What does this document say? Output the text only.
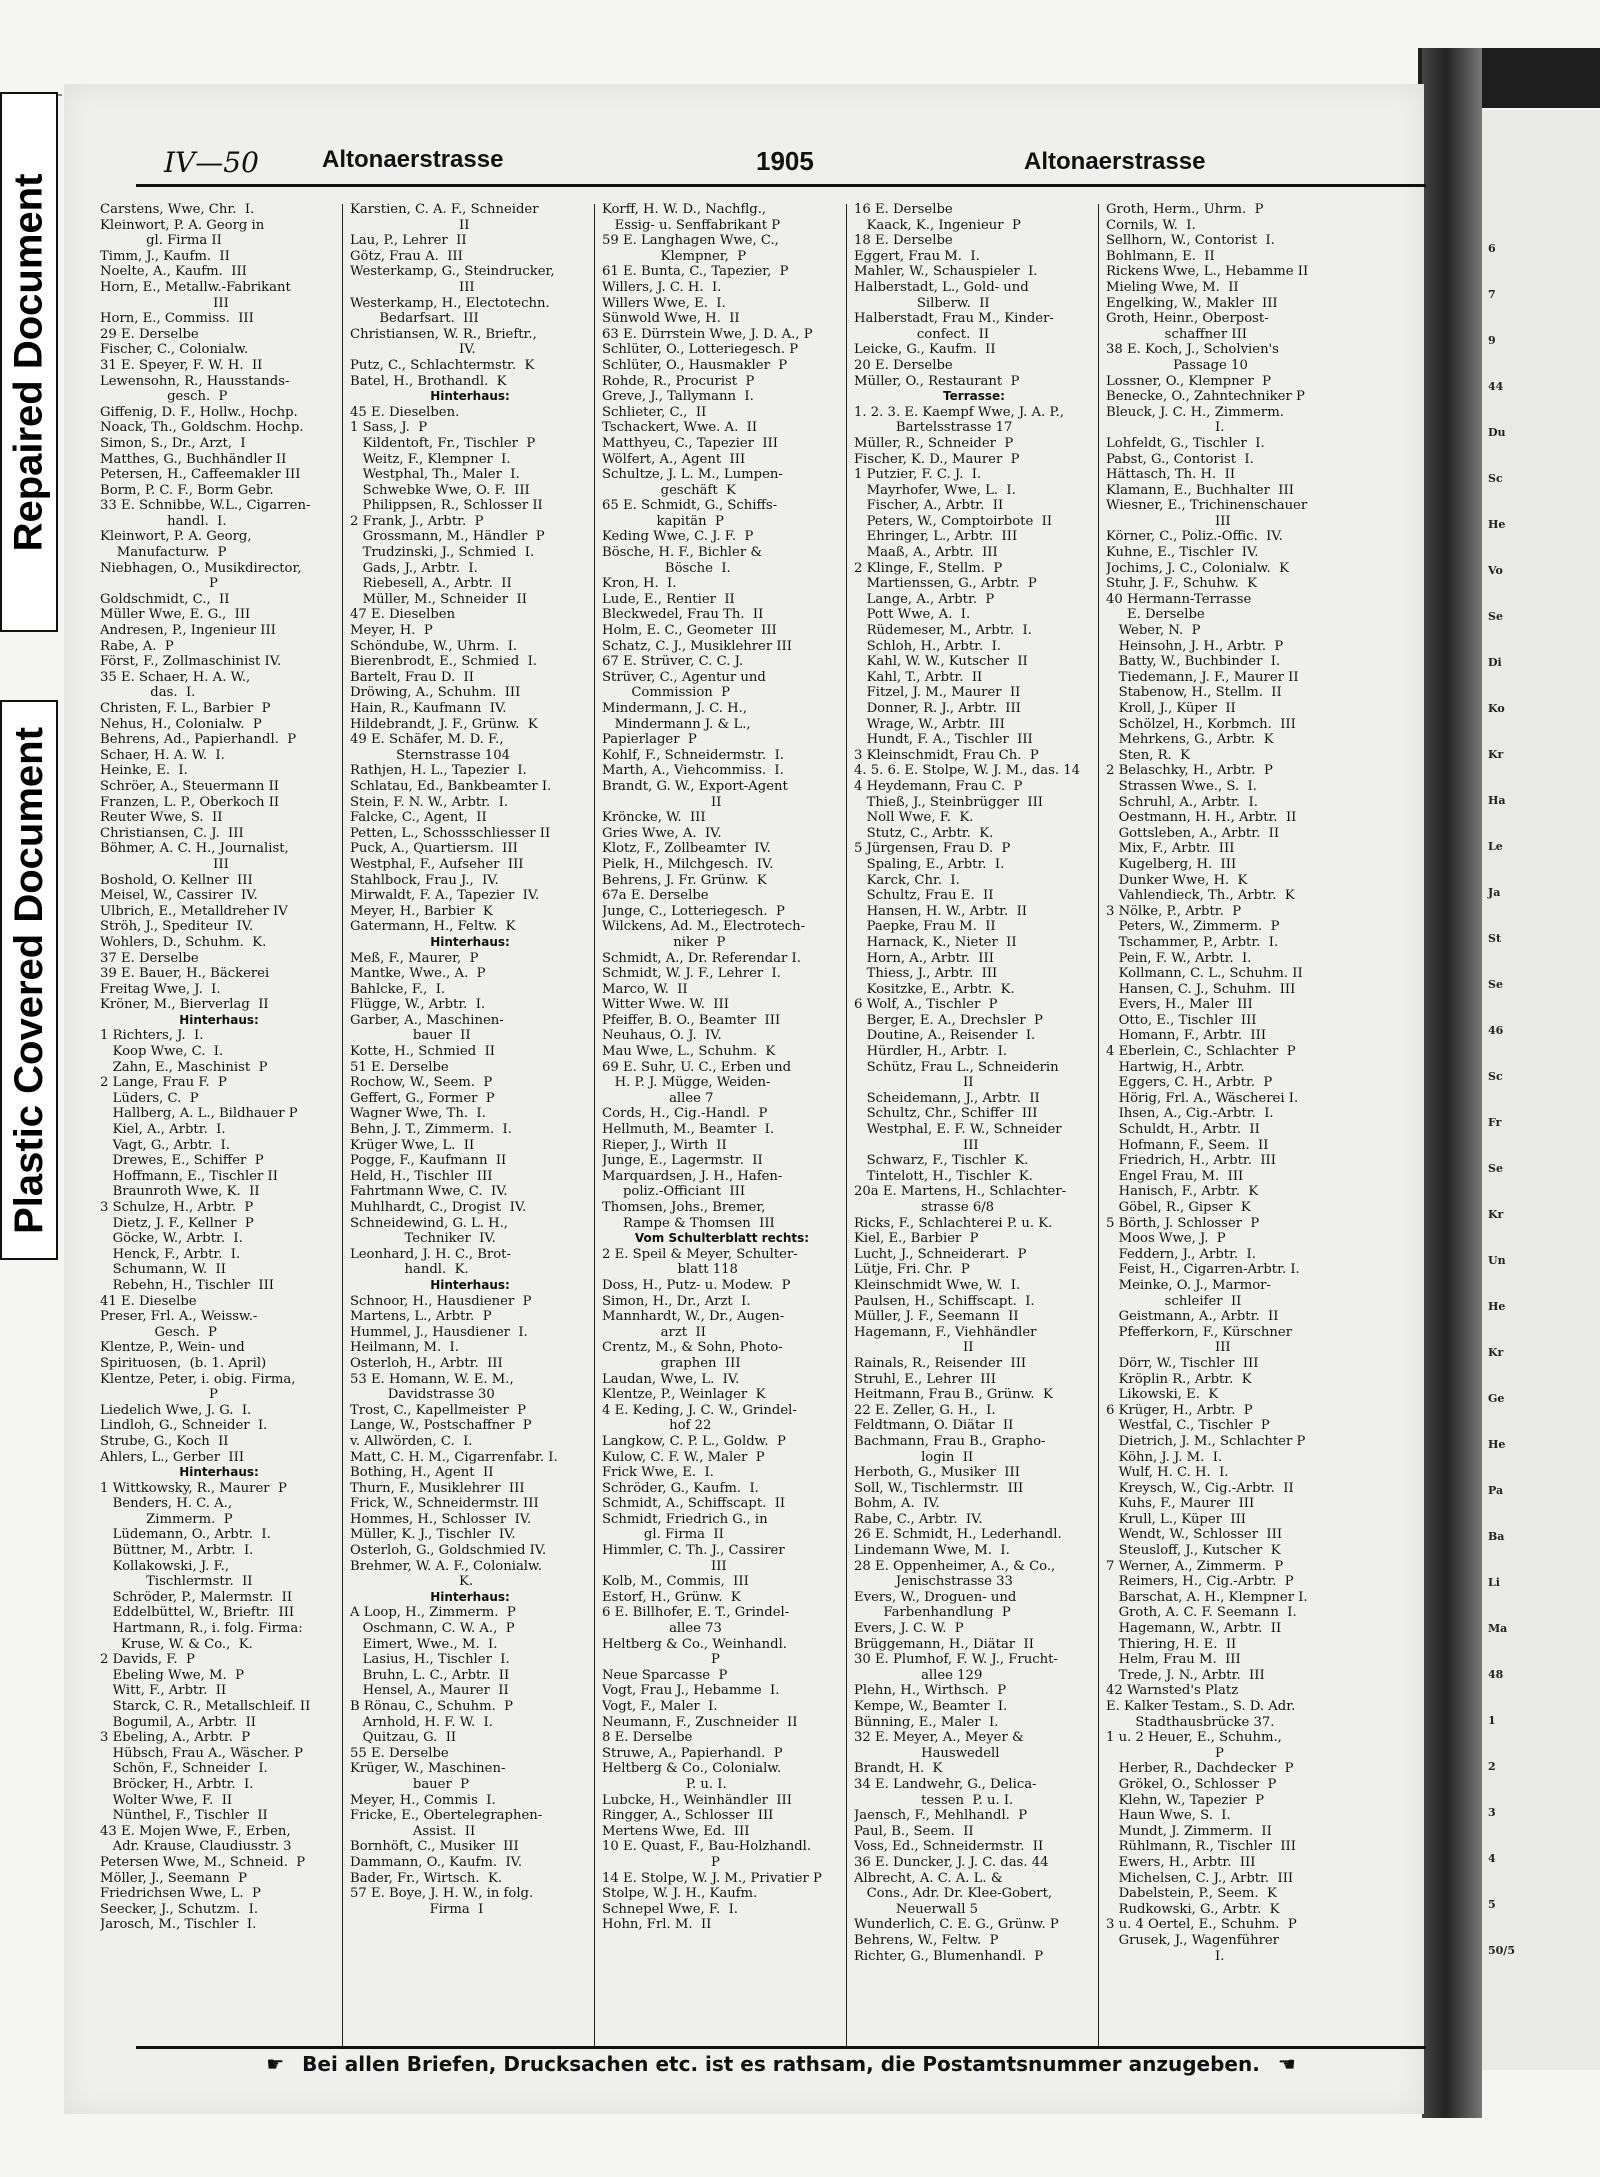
6
7
9
44
Du
Sc
He
Vo
Se
Di
Ko
Kr
Ha
Le
Ja
St
Se
46
Sc
Fr
Se
Kr
Un
He
Kr
Ge
He
Pa
Ba
Li
Ma
48
1
2
3
4
5
50/5
Repaired Document
Plastic Covered Document
IV—50	Altonaerstrasse	1905	Altonaerstrasse
Carstens, Wwe, Chr.  I.
Kleinwort, P. A. Georg in
gl. Firma II
Timm, J., Kaufm.  II
Noelte, A., Kaufm.  III
Horn, E., Metallw.-Fabrikant
III
Horn, E., Commiss.  III
29 E. Derselbe
Fischer, C., Colonialw.
31 E. Speyer, F. W. H.  II
Lewensohn, R., Hausstands-
gesch.  P
Giffenig, D. F., Hollw., Hochp.
Noack, Th., Goldschm. Hochp.
Simon, S., Dr., Arzt,  I
Matthes, G., Buchhändler II
Petersen, H., Caffeemakler III
Borm, P. C. F., Borm Gebr.
33 E. Schnibbe, W.L., Cigarren-
handl.  I.
Kleinwort, P. A. Georg,
Manufacturw.  P
Niebhagen, O., Musikdirector,
P
Goldschmidt, C.,  II
Müller Wwe, E. G.,  III
Andresen, P., Ingenieur III
Rabe, A.  P
Först, F., Zollmaschinist IV.
35 E. Schaer, H. A. W.,
das.  I.
Christen, F. L., Barbier  P
Nehus, H., Colonialw.  P
Behrens, Ad., Papierhandl.  P
Schaer, H. A. W.  I.
Heinke, E.  I.
Schröer, A., Steuermann II
Franzen, L. P., Oberkoch II
Reuter Wwe, S.  II
Christiansen, C. J.  III
Böhmer, A. C. H., Journalist,
III
Boshold, O. Kellner  III
Meisel, W., Cassirer  IV.
Ulbrich, E., Metalldreher IV
Ströh, J., Spediteur  IV.
Wohlers, D., Schuhm.  K.
37 E. Derselbe
39 E. Bauer, H., Bäckerei
Freitag Wwe, J.  I.
Kröner, M., Bierverlag  II
Hinterhaus:
1 Richters, J.  I.
Koop Wwe, C.  I.
Zahn, E., Maschinist  P
2 Lange, Frau F.  P
Lüders, C.  P
Hallberg, A. L., Bildhauer P
Kiel, A., Arbtr.  I.
Vagt, G., Arbtr.  I.
Drewes, E., Schiffer  P
Hoffmann, E., Tischler II
Braunroth Wwe, K.  II
3 Schulze, H., Arbtr.  P
Dietz, J. F., Kellner  P
Göcke, W., Arbtr.  I.
Henck, F., Arbtr.  I.
Schumann, W.  II
Rebehn, H., Tischler  III
41 E. Dieselbe
Preser, Frl. A., Weissw.-
Gesch.  P
Klentze, P., Wein- und
Spirituosen,  (b. 1. April)
Klentze, Peter, i. obig. Firma,
P
Liedelich Wwe, J. G.  I.
Lindloh, G., Schneider  I.
Strube, G., Koch  II
Ahlers, L., Gerber  III
Hinterhaus:
1 Wittkowsky, R., Maurer  P
Benders, H. C. A.,
Zimmerm.  P
Lüdemann, O., Arbtr.  I.
Büttner, M., Arbtr.  I.
Kollakowski, J. F.,
Tischlermstr.  II
Schröder, P., Malermstr.  II
Eddelbüttel, W., Brieftr.  III
Hartmann, R., i. folg. Firma:
Kruse, W. & Co.,  K.
2 Davids, F.  P
Ebeling Wwe, M.  P
Witt, F., Arbtr.  II
Starck, C. R., Metallschleif. II
Bogumil, A., Arbtr.  II
3 Ebeling, A., Arbtr.  P
Hübsch, Frau A., Wäscher. P
Schön, F., Schneider  I.
Bröcker, H., Arbtr.  I.
Wolter Wwe, F.  II
Nünthel, F., Tischler  II
43 E. Mojen Wwe, F., Erben,
Adr. Krause, Claudiusstr. 3
Petersen Wwe, M., Schneid.  P
Möller, J., Seemann  P
Friedrichsen Wwe, L.  P
Seecker, J., Schutzm.  I.
Jarosch, M., Tischler  I.
Karstien, C. A. F., Schneider
II
Lau, P., Lehrer  II
Götz, Frau A.  III
Westerkamp, G., Steindrucker,
III
Westerkamp, H., Electotechn.
Bedarfsart.  III
Christiansen, W. R., Brieftr.,
IV.
Putz, C., Schlachtermstr.  K
Batel, H., Brothandl.  K
Hinterhaus:
45 E. Dieselben.
1 Sass, J.  P
Kildentoft, Fr., Tischler  P
Weitz, F., Klempner  I.
Westphal, Th., Maler  I.
Schwebke Wwe, O. F.  III
Philippsen, R., Schlosser II
2 Frank, J., Arbtr.  P
Grossmann, M., Händler  P
Trudzinski, J., Schmied  I.
Gads, J., Arbtr.  I.
Riebesell, A., Arbtr.  II
Müller, M., Schneider  II
47 E. Dieselben
Meyer, H.  P
Schöndube, W., Uhrm.  I.
Bierenbrodt, E., Schmied  I.
Bartelt, Frau D.  II
Dröwing, A., Schuhm.  III
Hain, R., Kaufmann  IV.
Hildebrandt, J. F., Grünw.  K
49 E. Schäfer, M. D. F.,
Sternstrasse 104
Rathjen, H. L., Tapezier  I.
Schlatau, Ed., Bankbeamter I.
Stein, F. N. W., Arbtr.  I.
Falcke, C., Agent,  II
Petten, L., Schossschliesser II
Puck, A., Quartiersm.  III
Westphal, F., Aufseher  III
Stahlbock, Frau J.,  IV.
Mirwaldt, F. A., Tapezier  IV.
Meyer, H., Barbier  K
Gatermann, H., Feltw.  K
Hinterhaus:
Meß, F., Maurer,  P
Mantke, Wwe., A.  P
Bahlcke, F.,  I.
Flügge, W., Arbtr.  I.
Garber, A., Maschinen-
bauer  II
Kotte, H., Schmied  II
51 E. Derselbe
Rochow, W., Seem.  P
Geffert, G., Former  P
Wagner Wwe, Th.  I.
Behn, J. T., Zimmerm.  I.
Krüger Wwe, L.  II
Pogge, F., Kaufmann  II
Held, H., Tischler  III
Fahrtmann Wwe, C.  IV.
Muhlhardt, C., Drogist  IV.
Schneidewind, G. L. H.,
Techniker  IV.
Leonhard, J. H. C., Brot-
handl.  K.
Hinterhaus:
Schnoor, H., Hausdiener  P
Martens, L., Arbtr.  P
Hummel, J., Hausdiener  I.
Heilmann, M.  I.
Osterloh, H., Arbtr.  III
53 E. Homann, W. E. M.,
Davidstrasse 30
Trost, C., Kapellmeister  P
Lange, W., Postschaffner  P
v. Allwörden, C.  I.
Matt, C. H. M., Cigarrenfabr. I.
Bothing, H., Agent  II
Thurn, F., Musiklehrer  III
Frick, W., Schneidermstr. III
Hommes, H., Schlosser  IV.
Müller, K. J., Tischler  IV.
Osterloh, G., Goldschmied IV.
Brehmer, W. A. F., Colonialw.
K.
Hinterhaus:
A Loop, H., Zimmerm.  P
Oschmann, C. W. A.,  P
Eimert, Wwe., M.  I.
Lasius, H., Tischler  I.
Bruhn, L. C., Arbtr.  II
Hensel, A., Maurer  II
B Rönau, C., Schuhm.  P
Arnhold, H. F. W.  I.
Quitzau, G.  II
55 E. Derselbe
Krüger, W., Maschinen-
bauer  P
Meyer, H., Commis  I.
Fricke, E., Obertelegraphen-
Assist.  II
Bornhöft, C., Musiker  III
Dammann, O., Kaufm.  IV.
Bader, Fr., Wirtsch.  K.
57 E. Boye, J. H. W., in folg.
Firma  I
Korff, H. W. D., Nachflg.,
Essig- u. Senffabrikant P
59 E. Langhagen Wwe, C.,
Klempner,  P
61 E. Bunta, C., Tapezier,  P
Willers, J. C. H.  I.
Willers Wwe, E.  I.
Sünwold Wwe, H.  II
63 E. Dürrstein Wwe, J. D. A., P
Schlüter, O., Lotteriegesch. P
Schlüter, O., Hausmakler  P
Rohde, R., Procurist  P
Greve, J., Tallymann  I.
Schlieter, C.,  II
Tschackert, Wwe. A.  II
Matthyeu, C., Tapezier  III
Wölfert, A., Agent  III
Schultze, J. L. M., Lumpen-
geschäft  K
65 E. Schmidt, G., Schiffs-
kapitän  P
Keding Wwe, C. J. F.  P
Bösche, H. F., Bichler &
Bösche  I.
Kron, H.  I.
Lude, E., Rentier  II
Bleckwedel, Frau Th.  II
Holm, E. C., Geometer  III
Schatz, C. J., Musiklehrer III
67 E. Strüver, C. C. J.
Strüver, C., Agentur und
Commission  P
Mindermann, J. C. H.,
Mindermann J. & L.,
Papierlager  P
Kohlf, F., Schneidermstr.  I.
Marth, A., Viehcommiss.  I.
Brandt, G. W., Export-Agent
II
Kröncke, W.  III
Gries Wwe, A.  IV.
Klotz, F., Zollbeamter  IV.
Pielk, H., Milchgesch.  IV.
Behrens, J. Fr. Grünw.  K
67a E. Derselbe
Junge, C., Lotteriegesch.  P
Wilckens, Ad. M., Electrotech-
niker  P
Schmidt, A., Dr. Referendar I.
Schmidt, W. J. F., Lehrer  I.
Marco, W.  II
Witter Wwe. W.  III
Pfeiffer, B. O., Beamter  III
Neuhaus, O. J.  IV.
Mau Wwe, L., Schuhm.  K
69 E. Suhr, U. C., Erben und
H. P. J. Mügge, Weiden-
allee 7
Cords, H., Cig.-Handl.  P
Hellmuth, M., Beamter  I.
Rieper, J., Wirth  II
Junge, E., Lagermstr.  II
Marquardsen, J. H., Hafen-
poliz.-Officiant  III
Thomsen, Johs., Bremer,
Rampe & Thomsen  III
Vom Schulterblatt rechts:
2 E. Speil & Meyer, Schulter-
blatt 118
Doss, H., Putz- u. Modew.  P
Simon, H., Dr., Arzt  I.
Mannhardt, W., Dr., Augen-
arzt  II
Crentz, M., & Sohn, Photo-
graphen  III
Laudan, Wwe, L.  IV.
Klentze, P., Weinlager  K
4 E. Keding, J. C. W., Grindel-
hof 22
Langkow, C. P. L., Goldw.  P
Kulow, C. F. W., Maler  P
Frick Wwe, E.  I.
Schröder, G., Kaufm.  I.
Schmidt, A., Schiffscapt.  II
Schmidt, Friedrich G., in
gl. Firma  II
Himmler, C. Th. J., Cassirer
III
Kolb, M., Commis,  III
Estorf, H., Grünw.  K
6 E. Billhofer, E. T., Grindel-
allee 73
Heltberg & Co., Weinhandl.
P
Neue Sparcasse  P
Vogt, Frau J., Hebamme  I.
Vogt, F., Maler  I.
Neumann, F., Zuschneider  II
8 E. Derselbe
Struwe, A., Papierhandl.  P
Heltberg & Co., Colonialw.
P. u. I.
Lubcke, H., Weinhändler  III
Ringger, A., Schlosser  III
Mertens Wwe, Ed.  III
10 E. Quast, F., Bau-Holzhandl.
P
14 E. Stolpe, W. J. M., Privatier P
Stolpe, W. J. H., Kaufm.
Schnepel Wwe, F.  I.
Hohn, Frl. M.  II
16 E. Derselbe
Kaack, K., Ingenieur  P
18 E. Derselbe
Eggert, Frau M.  I.
Mahler, W., Schauspieler  I.
Halberstadt, L., Gold- und
Silberw.  II
Halberstadt, Frau M., Kinder-
confect.  II
Leicke, G., Kaufm.  II
20 E. Derselbe
Müller, O., Restaurant  P
Terrasse:
1. 2. 3. E. Kaempf Wwe, J. A. P.,
Bartelsstrasse 17
Müller, R., Schneider  P
Fischer, K. D., Maurer  P
1 Putzier, F. C. J.  I.
Mayrhofer, Wwe, L.  I.
Fischer, A., Arbtr.  II
Peters, W., Comptoirbote  II
Ehringer, L., Arbtr.  III
Maaß, A., Arbtr.  III
2 Klinge, F., Stellm.  P
Martienssen, G., Arbtr.  P
Lange, A., Arbtr.  P
Pott Wwe, A.  I.
Rüdemeser, M., Arbtr.  I.
Schloh, H., Arbtr.  I.
Kahl, W. W., Kutscher  II
Kahl, T., Arbtr.  II
Fitzel, J. M., Maurer  II
Donner, R. J., Arbtr.  III
Wrage, W., Arbtr.  III
Hundt, F. A., Tischler  III
3 Kleinschmidt, Frau Ch.  P
4. 5. 6. E. Stolpe, W. J. M., das. 14
4 Heydemann, Frau C.  P
Thieß, J., Steinbrügger  III
Noll Wwe, F.  K.
Stutz, C., Arbtr.  K.
5 Jürgensen, Frau D.  P
Spaling, E., Arbtr.  I.
Karck, Chr.  I.
Schultz, Frau E.  II
Hansen, H. W., Arbtr.  II
Paepke, Frau M.  II
Harnack, K., Nieter  II
Horn, A., Arbtr.  III
Thiess, J., Arbtr.  III
Kositzke, E., Arbtr.  K.
6 Wolf, A., Tischler  P
Berger, E. A., Drechsler  P
Doutine, A., Reisender  I.
Hürdler, H., Arbtr.  I.
Schütz, Frau L., Schneiderin
II
Scheidemann, J., Arbtr.  II
Schultz, Chr., Schiffer  III
Westphal, E. F. W., Schneider
III
Schwarz, F., Tischler  K.
Tintelott, H., Tischler  K.
20a E. Martens, H., Schlachter-
strasse 6/8
Ricks, F., Schlachterei P. u. K.
Kiel, E., Barbier  P
Lucht, J., Schneiderart.  P
Lütje, Fri. Chr.  P
Kleinschmidt Wwe, W.  I.
Paulsen, H., Schiffscapt.  I.
Müller, J. F., Seemann  II
Hagemann, F., Viehhändler
II
Rainals, R., Reisender  III
Struhl, E., Lehrer  III
Heitmann, Frau B., Grünw.  K
22 E. Zeller, G. H.,  I.
Feldtmann, O. Diätar  II
Bachmann, Frau B., Grapho-
login  II
Herboth, G., Musiker  III
Soll, W., Tischlermstr.  III
Bohm, A.  IV.
Rabe, C., Arbtr.  IV.
26 E. Schmidt, H., Lederhandl.
Lindemann Wwe, M.  I.
28 E. Oppenheimer, A., & Co.,
Jenischstrasse 33
Evers, W., Droguen- und
Farbenhandlung  P
Evers, J. C. W.  P
Brüggemann, H., Diätar  II
30 E. Plumhof, F. W. J., Frucht-
allee 129
Plehn, H., Wirthsch.  P
Kempe, W., Beamter  I.
Bünning, E., Maler  I.
32 E. Meyer, A., Meyer &
Hauswedell
Brandt, H.  K
34 E. Landwehr, G., Delica-
tessen  P. u. I.
Jaensch, F., Mehlhandl.  P
Paul, B., Seem.  II
Voss, Ed., Schneidermstr.  II
36 E. Duncker, J. J. C. das. 44
Albrecht, A. C. A. L. &
Cons., Adr. Dr. Klee-Gobert,
Neuerwall 5
Wunderlich, C. E. G., Grünw. P
Behrens, W., Feltw.  P
Richter, G., Blumenhandl.  P
Groth, Herm., Uhrm.  P
Cornils, W.  I.
Sellhorn, W., Contorist  I.
Bohlmann, E.  II
Rickens Wwe, L., Hebamme II
Mieling Wwe, M.  II
Engelking, W., Makler  III
Groth, Heinr., Oberpost-
schaffner III
38 E. Koch, J., Scholvien's
Passage 10
Lossner, O., Klempner  P
Benecke, O., Zahntechniker P
Bleuck, J. C. H., Zimmerm.
I.
Lohfeldt, G., Tischler  I.
Pabst, G., Contorist  I.
Hättasch, Th. H.  II
Klamann, E., Buchhalter  III
Wiesner, E., Trichinenschauer
III
Körner, C., Poliz.-Offic.  IV.
Kuhne, E., Tischler  IV.
Jochims, J. C., Colonialw.  K
Stuhr, J. F., Schuhw.  K
40 Hermann-Terrasse
E. Derselbe
Weber, N.  P
Heinsohn, J. H., Arbtr.  P
Batty, W., Buchbinder  I.
Tiedemann, J. F., Maurer II
Stabenow, H., Stellm.  II
Kroll, J., Küper  II
Schölzel, H., Korbmch.  III
Mehrkens, G., Arbtr.  K
Sten, R.  K
2 Belaschky, H., Arbtr.  P
Strassen Wwe., S.  I.
Schruhl, A., Arbtr.  I.
Oestmann, H. H., Arbtr.  II
Gottsleben, A., Arbtr.  II
Mix, F., Arbtr.  III
Kugelberg, H.  III
Dunker Wwe, H.  K
Vahlendieck, Th., Arbtr.  K
3 Nölke, P., Arbtr.  P
Peters, W., Zimmerm.  P
Tschammer, P., Arbtr.  I.
Pein, F. W., Arbtr.  I.
Kollmann, C. L., Schuhm. II
Hansen, C. J., Schuhm.  III
Evers, H., Maler  III
Otto, E., Tischler  III
Homann, F., Arbtr.  III
4 Eberlein, C., Schlachter  P
Hartwig, H., Arbtr.
Eggers, C. H., Arbtr.  P
Hörig, Frl. A., Wäscherei I.
Ihsen, A., Cig.-Arbtr.  I.
Schuldt, H., Arbtr.  II
Hofmann, F., Seem.  II
Friedrich, H., Arbtr.  III
Engel Frau, M.  III
Hanisch, F., Arbtr.  K
Göbel, R., Gipser  K
5 Börth, J. Schlosser  P
Moos Wwe, J.  P
Feddern, J., Arbtr.  I.
Feist, H., Cigarren-Arbtr. I.
Meinke, O. J., Marmor-
schleifer  II
Geistmann, A., Arbtr.  II
Pfefferkorn, F., Kürschner
III
Dörr, W., Tischler  III
Kröplin R., Arbtr.  K
Likowski, E.  K
6 Krüger, H., Arbtr.  P
Westfal, C., Tischler  P
Dietrich, J. M., Schlachter P
Köhn, J. J. M.  I.
Wulf, H. C. H.  I.
Kreysch, W., Cig.-Arbtr.  II
Kuhs, F., Maurer  III
Krull, L., Küper  III
Wendt, W., Schlosser  III
Steusloff, J., Kutscher  K
7 Werner, A., Zimmerm.  P
Reimers, H., Cig.-Arbtr.  P
Barschat, A. H., Klempner I.
Groth, A. C. F. Seemann  I.
Hagemann, W., Arbtr.  II
Thiering, H. E.  II
Helm, Frau M.  III
Trede, J. N., Arbtr.  III
42 Warnsted's Platz
E. Kalker Testam., S. D. Adr.
Stadthausbrücke 37.
1 u. 2 Heuer, E., Schuhm.,
P
Herber, R., Dachdecker  P
Grökel, O., Schlosser  P
Klehn, W., Tapezier  P
Haun Wwe, S.  I.
Mundt, J. Zimmerm.  II
Rühlmann, R., Tischler  III
Ewers, H., Arbtr.  III
Michelsen, C. J., Arbtr.  III
Dabelstein, P., Seem.  K
Rudkowski, G., Arbtr.  K
3 u. 4 Oertel, E., Schuhm.  P
Grusek, J., Wagenführer
I.
☛ Bei allen Briefen, Drucksachen etc. ist es rathsam, die Postamtsnummer anzugeben. ☚
